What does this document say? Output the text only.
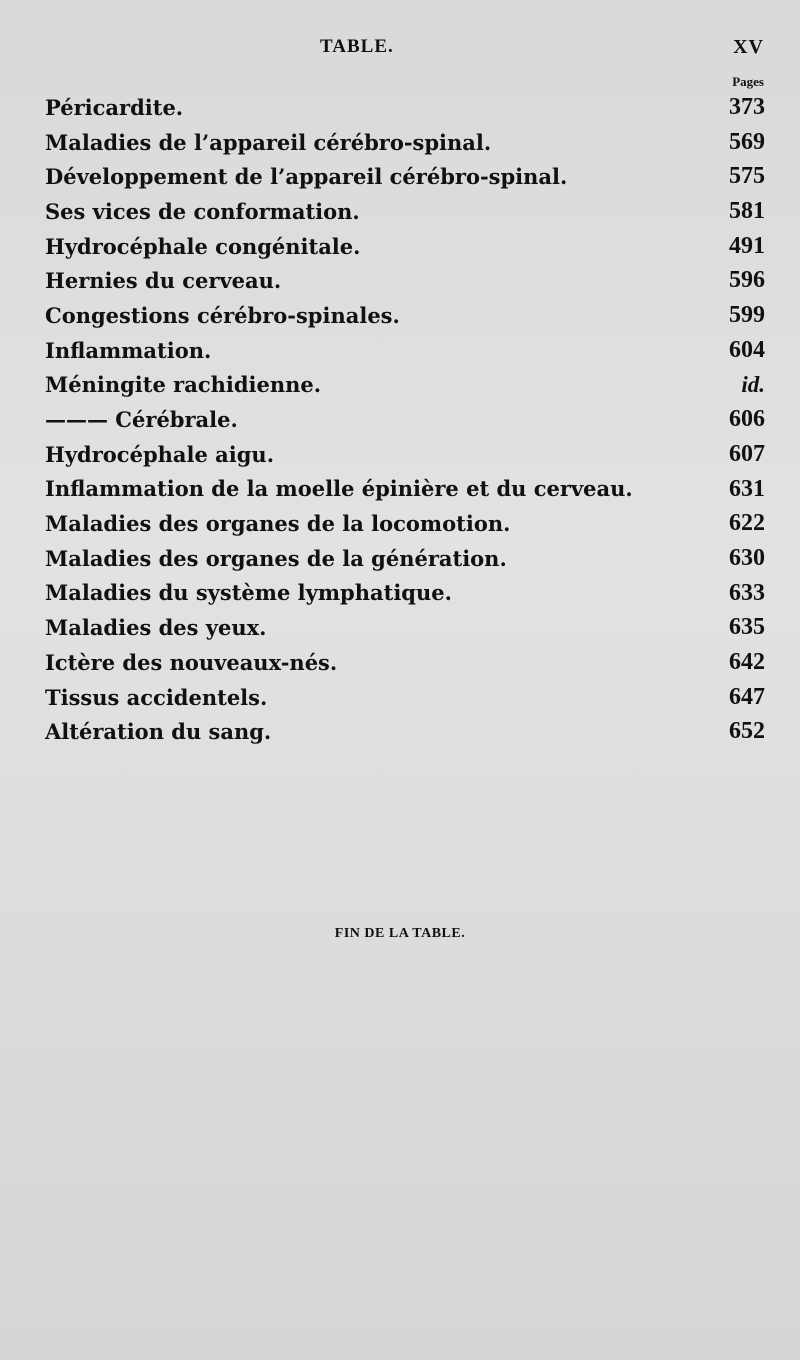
TABLE.	XV
Pages
Péricardite.	373
Maladies de l’appareil cérébro-spinal.	569
Développement de l’appareil cérébro-spinal.	575
Ses vices de conformation.	581
Hydrocéphale congénitale.	491
Hernies du cerveau.	596
Congestions cérébro-spinales.	599
Inflammation.	604
Méningite rachidienne.	id.
——— Cérébrale.	606
Hydrocéphale aigu.	607
Inflammation de la moelle épinière et du cerveau.	631
Maladies des organes de la locomotion.	622
Maladies des organes de la génération.	630
Maladies du système lymphatique.	633
Maladies des yeux.	635
Ictère des nouveaux-nés.	642
Tissus accidentels.	647
Altération du sang.	652
FIN DE LA TABLE.
